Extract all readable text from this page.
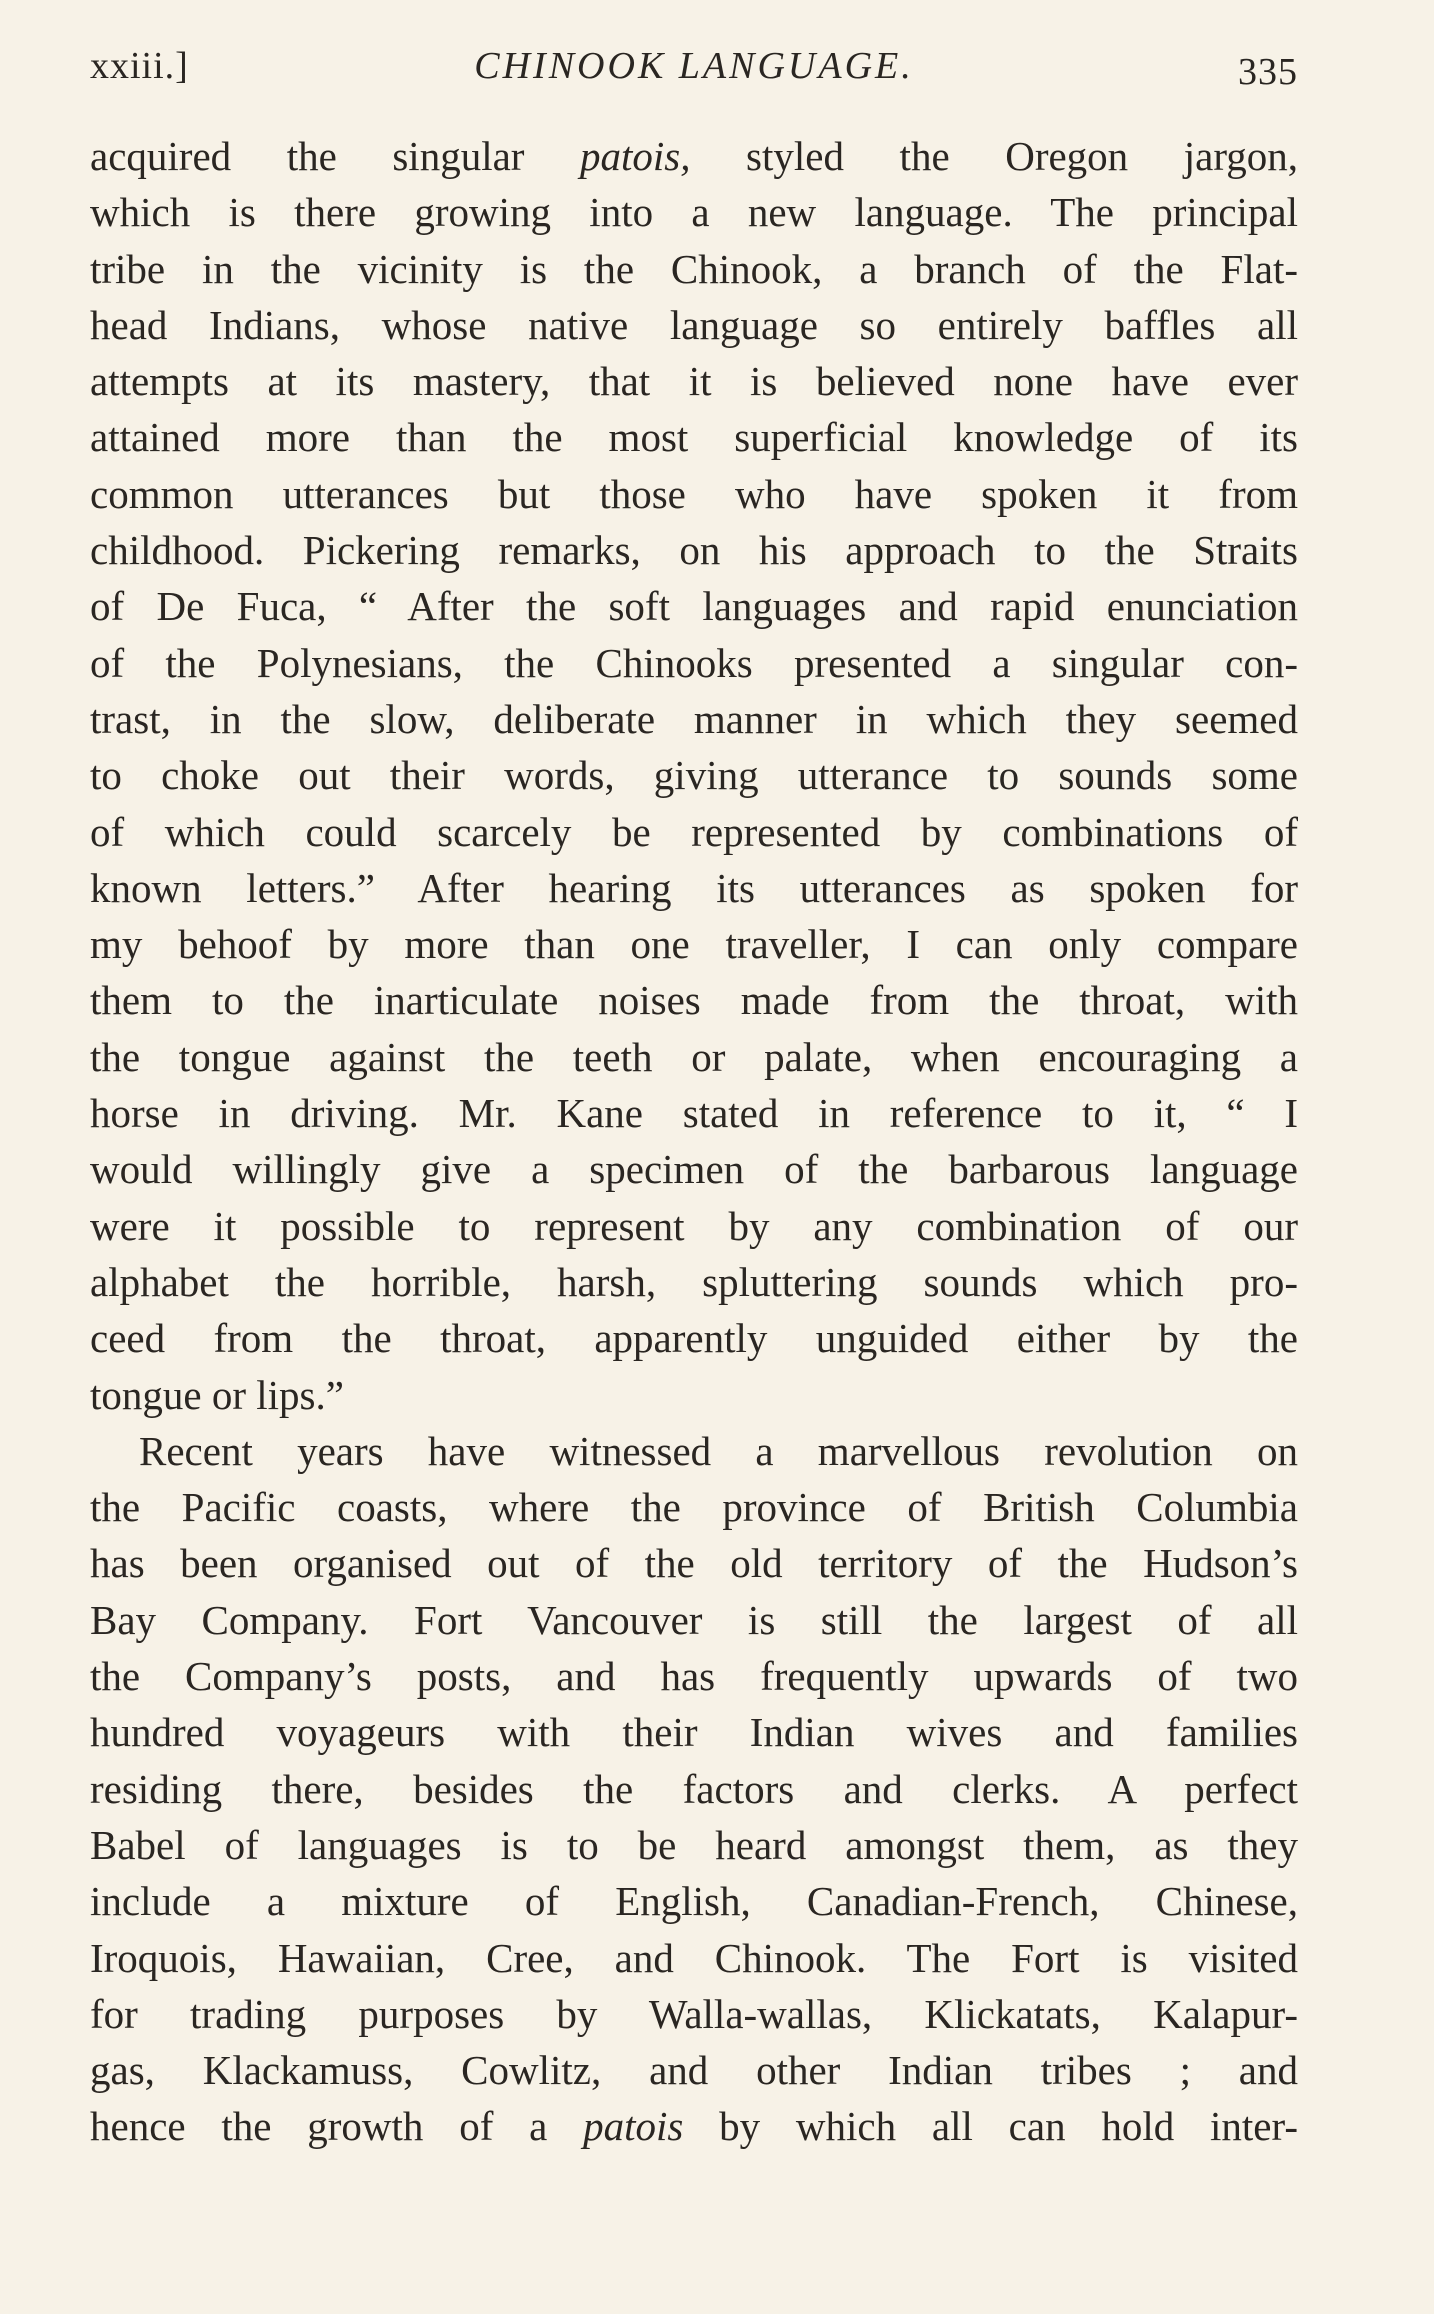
xxiii.]	CHINOOK LANGUAGE.	335
acquired the singular patois, styled the Oregon jargon,
which is there growing into a new language. The principal
tribe in the vicinity is the Chinook, a branch of the Flat-
head Indians, whose native language so entirely baffles all
attempts at its mastery, that it is believed none have ever
attained more than the most superficial knowledge of its
common utterances but those who have spoken it from
childhood. Pickering remarks, on his approach to the Straits
of De Fuca, “ After the soft languages and rapid enunciation
of the Polynesians, the Chinooks presented a singular con-
trast, in the slow, deliberate manner in which they seemed
to choke out their words, giving utterance to sounds some
of which could scarcely be represented by combinations of
known letters.” After hearing its utterances as spoken for
my behoof by more than one traveller, I can only compare
them to the inarticulate noises made from the throat, with
the tongue against the teeth or palate, when encouraging a
horse in driving. Mr. Kane stated in reference to it, “ I
would willingly give a specimen of the barbarous language
were it possible to represent by any combination of our
alphabet the horrible, harsh, spluttering sounds which pro-
ceed from the throat, apparently unguided either by the
tongue or lips.”
Recent years have witnessed a marvellous revolution on
the Pacific coasts, where the province of British Columbia
has been organised out of the old territory of the Hudson’s
Bay Company. Fort Vancouver is still the largest of all
the Company’s posts, and has frequently upwards of two
hundred voyageurs with their Indian wives and families
residing there, besides the factors and clerks. A perfect
Babel of languages is to be heard amongst them, as they
include a mixture of English, Canadian-French, Chinese,
Iroquois, Hawaiian, Cree, and Chinook. The Fort is visited
for trading purposes by Walla-wallas, Klickatats, Kalapur-
gas, Klackamuss, Cowlitz, and other Indian tribes ; and
hence the growth of a patois by which all can hold inter-
